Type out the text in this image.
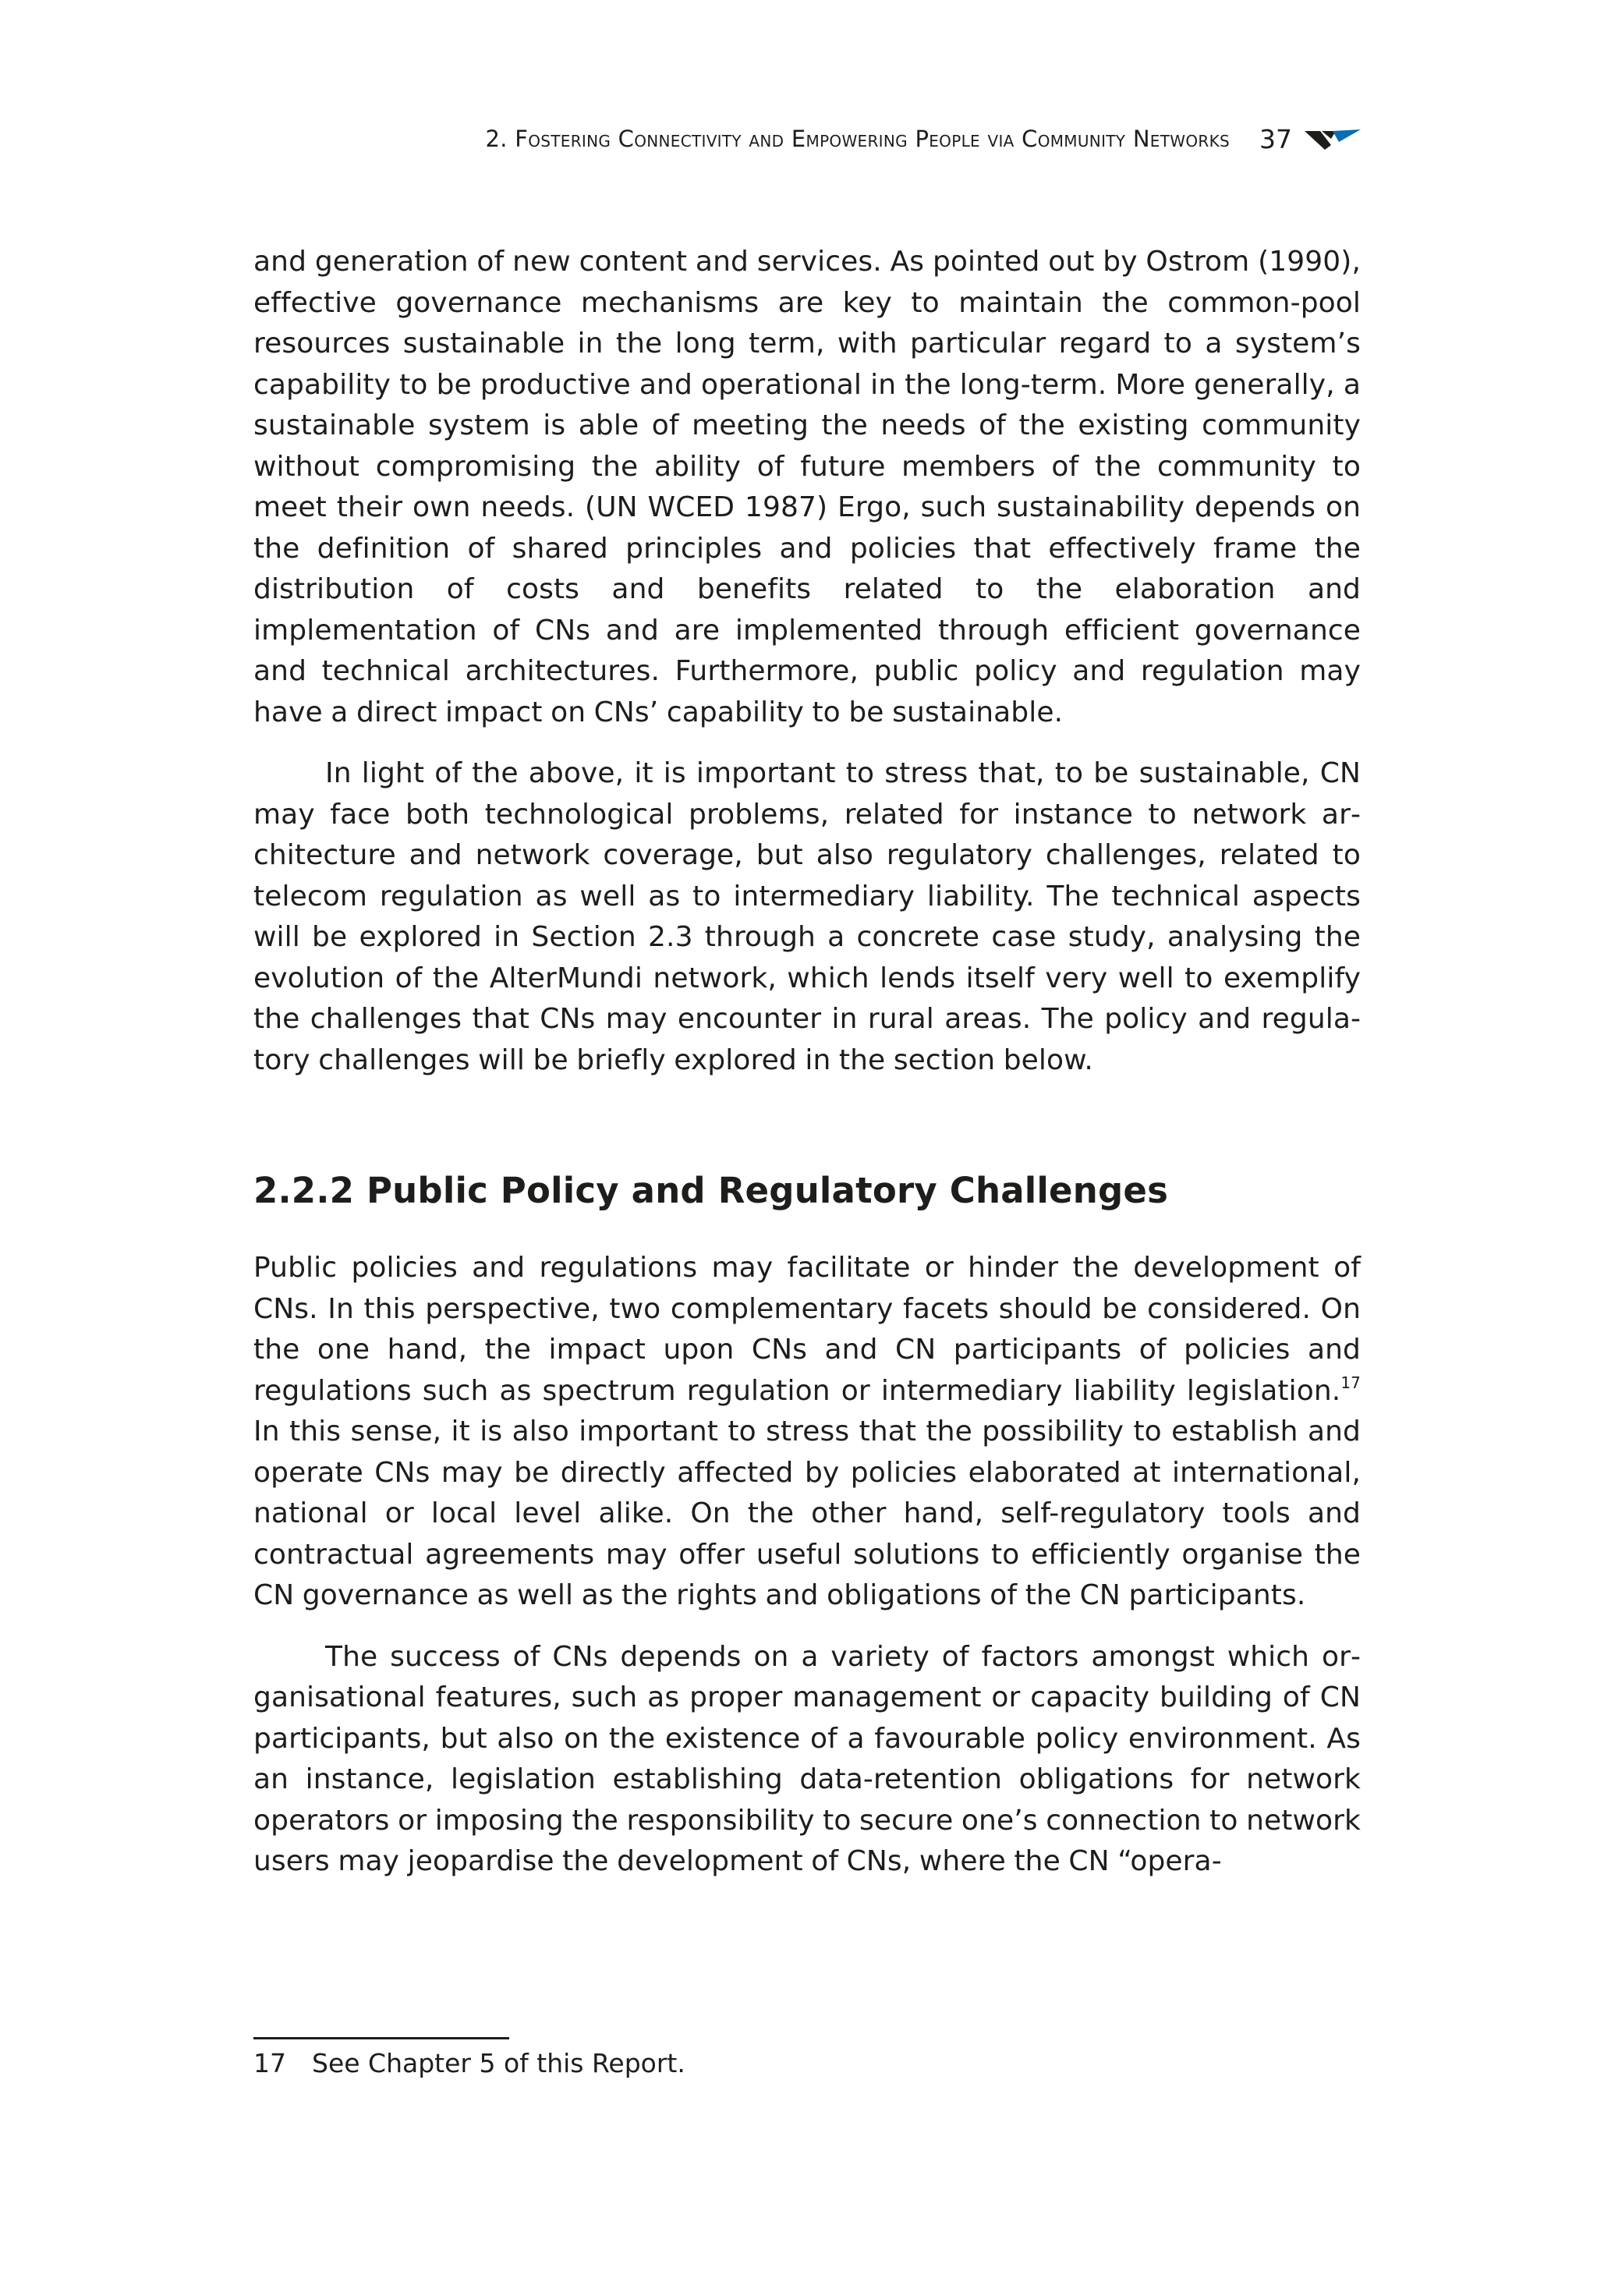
2. Fostering Connectivity and Empowering People via Community Networks 37

and generation of new content and services. As pointed out by Ostrom (1990), effective governance mechanisms are key to maintain the common-pool resources sustainable in the long term, with particular regard to a system’s capability to be productive and operational in the long-term. More generally, a sustainable system is able of meeting the needs of the existing community without compromising the ability of future members of the community to meet their own needs. (UN WCED 1987) Ergo, such sustainability depends on the definition of shared principles and policies that effectively frame the distribution of costs and benefits related to the elaboration and implementation of CNs and are implemented through efficient governance and technical architectures. Furthermore, public policy and regulation may have a direct impact on CNs’ capability to be sustainable.

In light of the above, it is important to stress that, to be sustainable, CN may face both technological problems, related for instance to network architecture and network coverage, but also regulatory challenges, related to telecom regulation as well as to intermediary liability. The technical aspects will be explored in Section 2.3 through a concrete case study, analysing the evolution of the AlterMundi network, which lends itself very well to exemplify the challenges that CNs may encounter in rural areas. The policy and regulatory challenges will be briefly explored in the section below.

2.2.2 Public Policy and Regulatory Challenges

Public policies and regulations may facilitate or hinder the development of CNs. In this perspective, two complementary facets should be considered. On the one hand, the impact upon CNs and CN participants of policies and regulations such as spectrum regulation or intermediary liability legislation.$^{17}$ In this sense, it is also important to stress that the possibility to establish and operate CNs may be directly affected by policies elaborated at international, national or local level alike. On the other hand, self-regulatory tools and contractual agreements may offer useful solutions to efficiently organise the CN governance as well as the rights and obligations of the CN participants.

The success of CNs depends on a variety of factors amongst which organisational features, such as proper management or capacity building of CN participants, but also on the existence of a favourable policy environment. As an instance, legislation establishing data-retention obligations for network operators or imposing the responsibility to secure one’s connection to network users may jeopardise the development of CNs, where the CN “opera-

17	See Chapter 5 of this Report.
